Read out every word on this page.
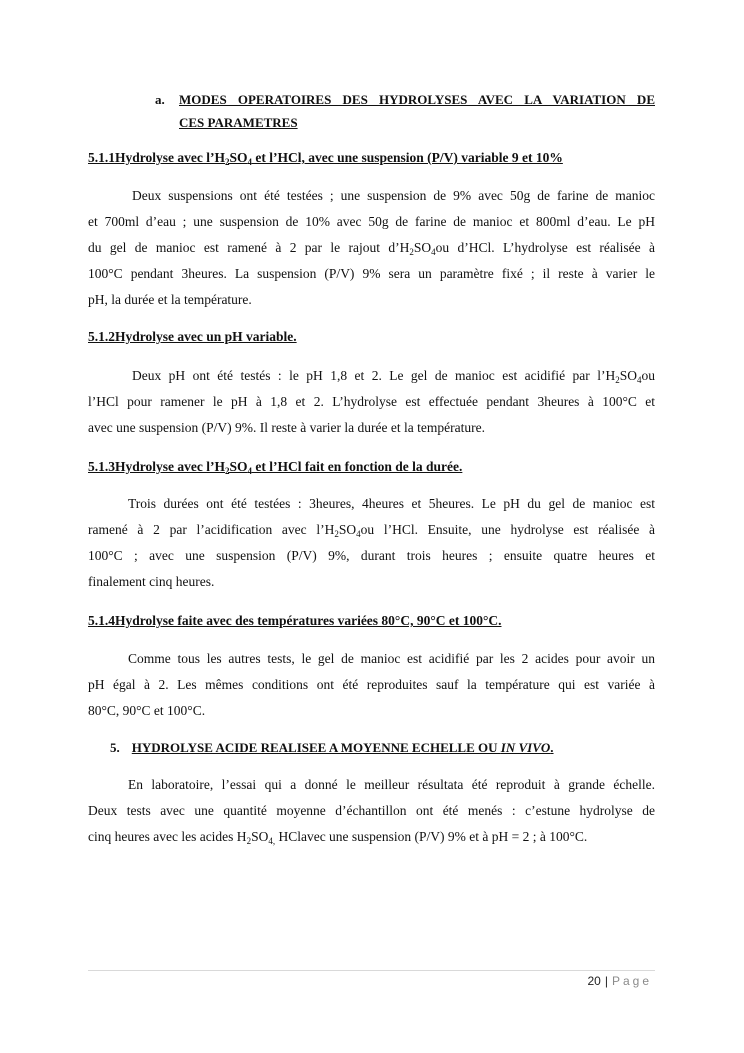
a. MODES OPERATOIRES DES HYDROLYSES AVEC LA VARIATION DE
CES PARAMETRES
5.1.1Hydrolyse avec $l’H_2SO_4$ et l’HCl, avec une suspension (P/V) variable 9 et 10%
Deux suspensions ont été testées ; une suspension de 9% avec 50g de farine de manioc
et 700ml d’eau ; une suspension de 10% avec 50g de farine de manioc et 800ml d’eau. Le pH
du gel de manioc est ramené à 2 par le rajout $d’H_2SO_4ou$ d’HCl. L’hydrolyse est réalisée à
100°C pendant 3heures. La suspension (P/V) 9% sera un paramètre fixé ; il reste à varier le
pH, la durée et la température.
5.1.2Hydrolyse avec un pH variable.
Deux pH ont été testés : le pH 1,8 et 2. Le gel de manioc est acidifié par $l’H_2SO_4ou$
l’HCl pour ramener le pH à 1,8 et 2. L’hydrolyse est effectuée pendant 3heures à 100°C et
avec une suspension (P/V) 9%. Il reste à varier la durée et la température.
5.1.3Hydrolyse avec $l’H_2SO_4$ et l’HCl fait en fonction de la durée.
Trois durées ont été testées : 3heures, 4heures et 5heures. Le pH du gel de manioc est
ramené à 2 par l’acidification avec $l’H_2SO_4ou$ l’HCl. Ensuite, une hydrolyse est réalisée à
100°C ; avec une suspension (P/V) 9%, durant trois heures ; ensuite quatre heures et
finalement cinq heures.
5.1.4Hydrolyse faite avec des températures variées 80°C, 90°C et 100°C.
Comme tous les autres tests, le gel de manioc est acidifié par les 2 acides pour avoir un
pH égal à 2. Les mêmes conditions ont été reproduites sauf la température qui est variée à
80°C, 90°C et 100°C.
5. HYDROLYSE ACIDE REALISEE A MOYENNE ECHELLE OU IN VIVO.
En laboratoire, l’essai qui a donné le meilleur résultata été reproduit à grande échelle.
Deux tests avec une quantité moyenne d’échantillon ont été menés : c’estune hydrolyse de
cinq heures avec les acides $H_2SO_{4,}$ HClavec une suspension (P/V) 9% et à pH = 2 ; à 100°C.
20 | Page
